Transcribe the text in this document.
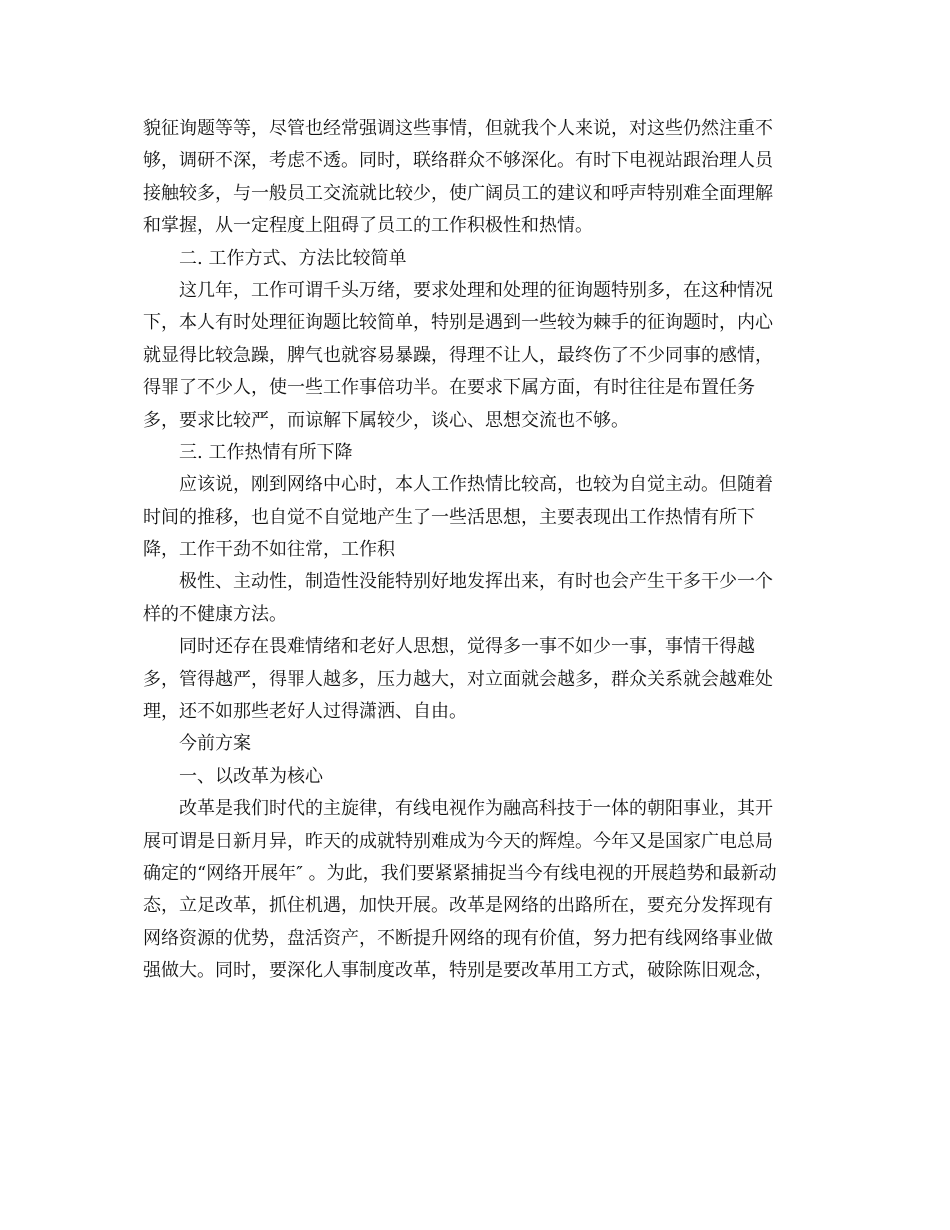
貌征询题等等，尽管也经常强调这些事情，但就我个人来说，对这些仍然注重不
够，调研不深，考虑不透。同时，联络群众不够深化。有时下电视站跟治理人员
接触较多，与一般员工交流就比较少，使广阔员工的建议和呼声特别难全面理解
和掌握，从一定程度上阻碍了员工的工作积极性和热情。
二. 工作方式、方法比较简单
这几年，工作可谓千头万绪，要求处理和处理的征询题特别多，在这种情况
下，本人有时处理征询题比较简单，特别是遇到一些较为棘手的征询题时，内心
就显得比较急躁，脾气也就容易暴躁，得理不让人，最终伤了不少同事的感情，
得罪了不少人，使一些工作事倍功半。在要求下属方面，有时往往是布置任务
多，要求比较严，而谅解下属较少，谈心、思想交流也不够。
三. 工作热情有所下降
应该说，刚到网络中心时，本人工作热情比较高，也较为自觉主动。但随着
时间的推移，也自觉不自觉地产生了一些活思想，主要表现出工作热情有所下
降，工作干劲不如往常，工作积
极性、主动性，制造性没能特别好地发挥出来，有时也会产生干多干少一个
样的不健康方法。
同时还存在畏难情绪和老好人思想，觉得多一事不如少一事，事情干得越
多，管得越严，得罪人越多，压力越大，对立面就会越多，群众关系就会越难处
理，还不如那些老好人过得潇洒、自由。
今前方案
一、以改革为核心
改革是我们时代的主旋律，有线电视作为融高科技于一体的朝阳事业，其开
展可谓是日新月异，昨天的成就特别难成为今天的辉煌。今年又是国家广电总局
确定的“网络开展年″ 。为此，我们要紧紧捕捉当今有线电视的开展趋势和最新动
态，立足改革，抓住机遇，加快开展。改革是网络的出路所在，要充分发挥现有
网络资源的优势，盘活资产，不断提升网络的现有价值，努力把有线网络事业做
强做大。同时，要深化人事制度改革，特别是要改革用工方式，破除陈旧观念，
